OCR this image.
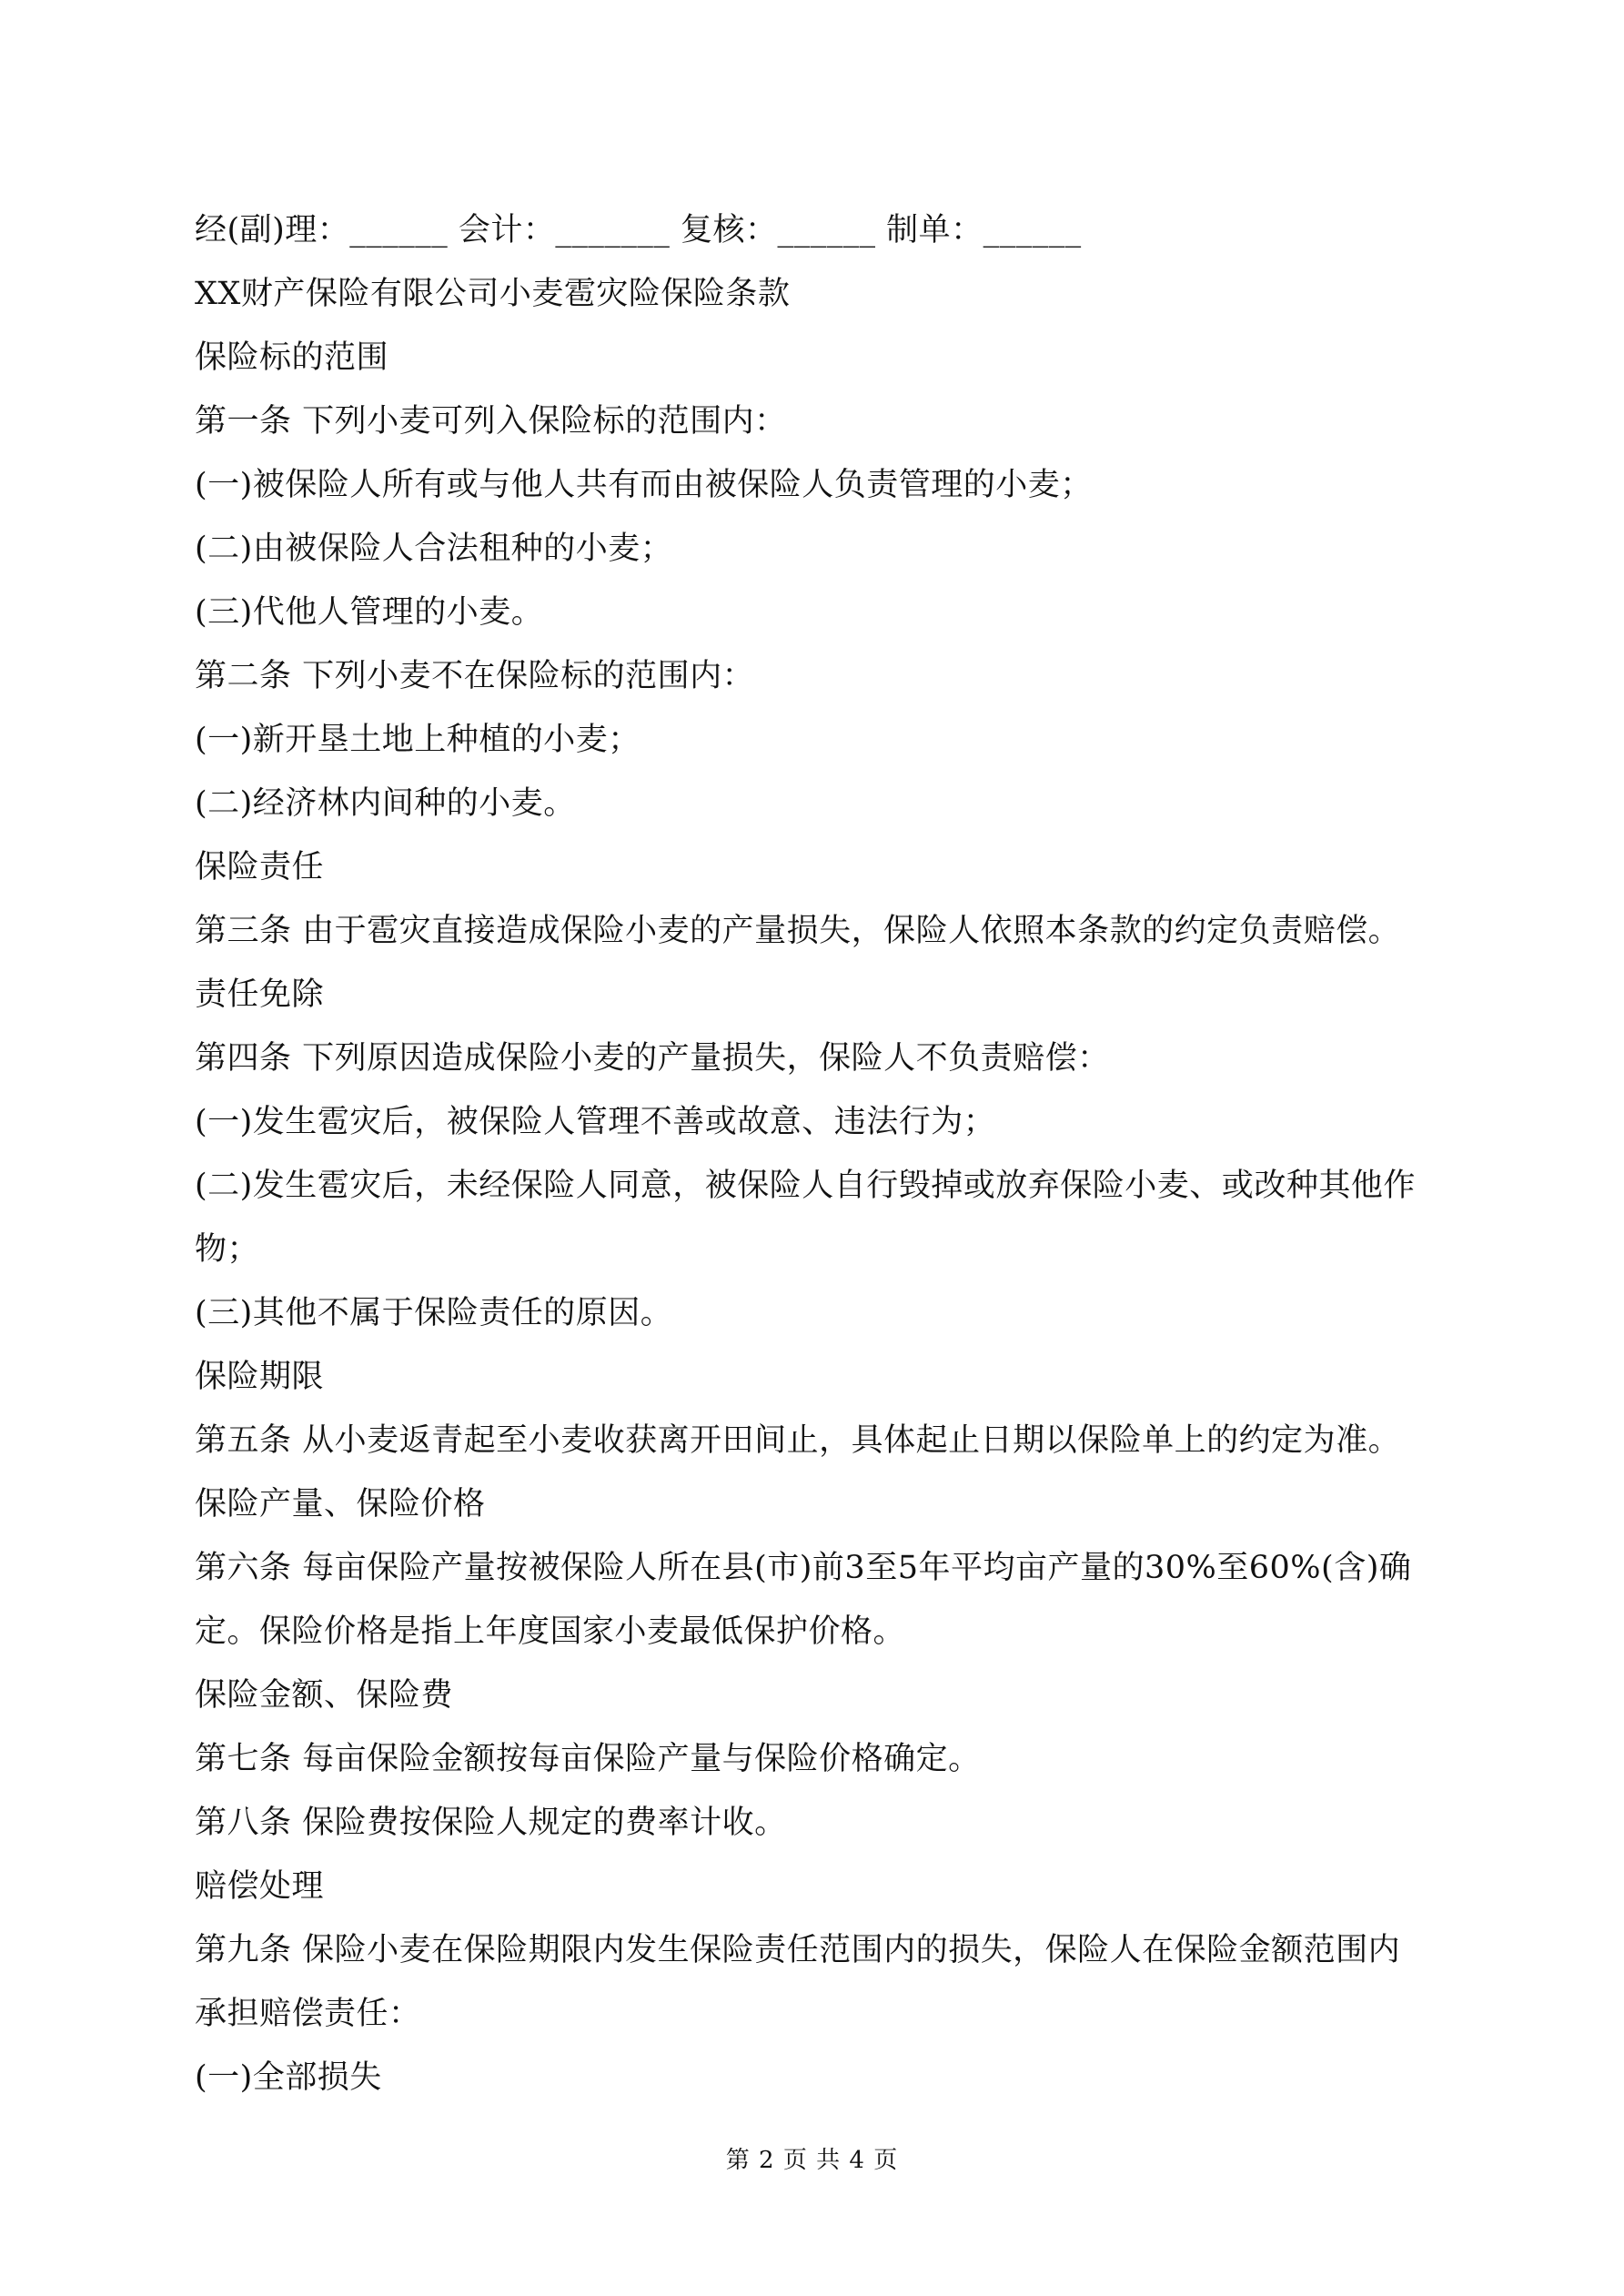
经(副)理：______ 会计：_______ 复核：______ 制单：______
XX财产保险有限公司小麦雹灾险保险条款
保险标的范围
第一条 下列小麦可列入保险标的范围内：
(一)被保险人所有或与他人共有而由被保险人负责管理的小麦；
(二)由被保险人合法租种的小麦；
(三)代他人管理的小麦。
第二条 下列小麦不在保险标的范围内：
(一)新开垦土地上种植的小麦；
(二)经济林内间种的小麦。
保险责任
第三条 由于雹灾直接造成保险小麦的产量损失，保险人依照本条款的约定负责赔偿。
责任免除
第四条 下列原因造成保险小麦的产量损失，保险人不负责赔偿：
(一)发生雹灾后，被保险人管理不善或故意、违法行为；
(二)发生雹灾后，未经保险人同意，被保险人自行毁掉或放弃保险小麦、或改种其他作
物；
(三)其他不属于保险责任的原因。
保险期限
第五条 从小麦返青起至小麦收获离开田间止，具体起止日期以保险单上的约定为准。
保险产量、保险价格
第六条 每亩保险产量按被保险人所在县(市)前3至5年平均亩产量的30%至60%(含)确
定。保险价格是指上年度国家小麦最低保护价格。
保险金额、保险费
第七条 每亩保险金额按每亩保险产量与保险价格确定。
第八条 保险费按保险人规定的费率计收。
赔偿处理
第九条 保险小麦在保险期限内发生保险责任范围内的损失，保险人在保险金额范围内
承担赔偿责任：
(一)全部损失
第 2 页 共 4 页
